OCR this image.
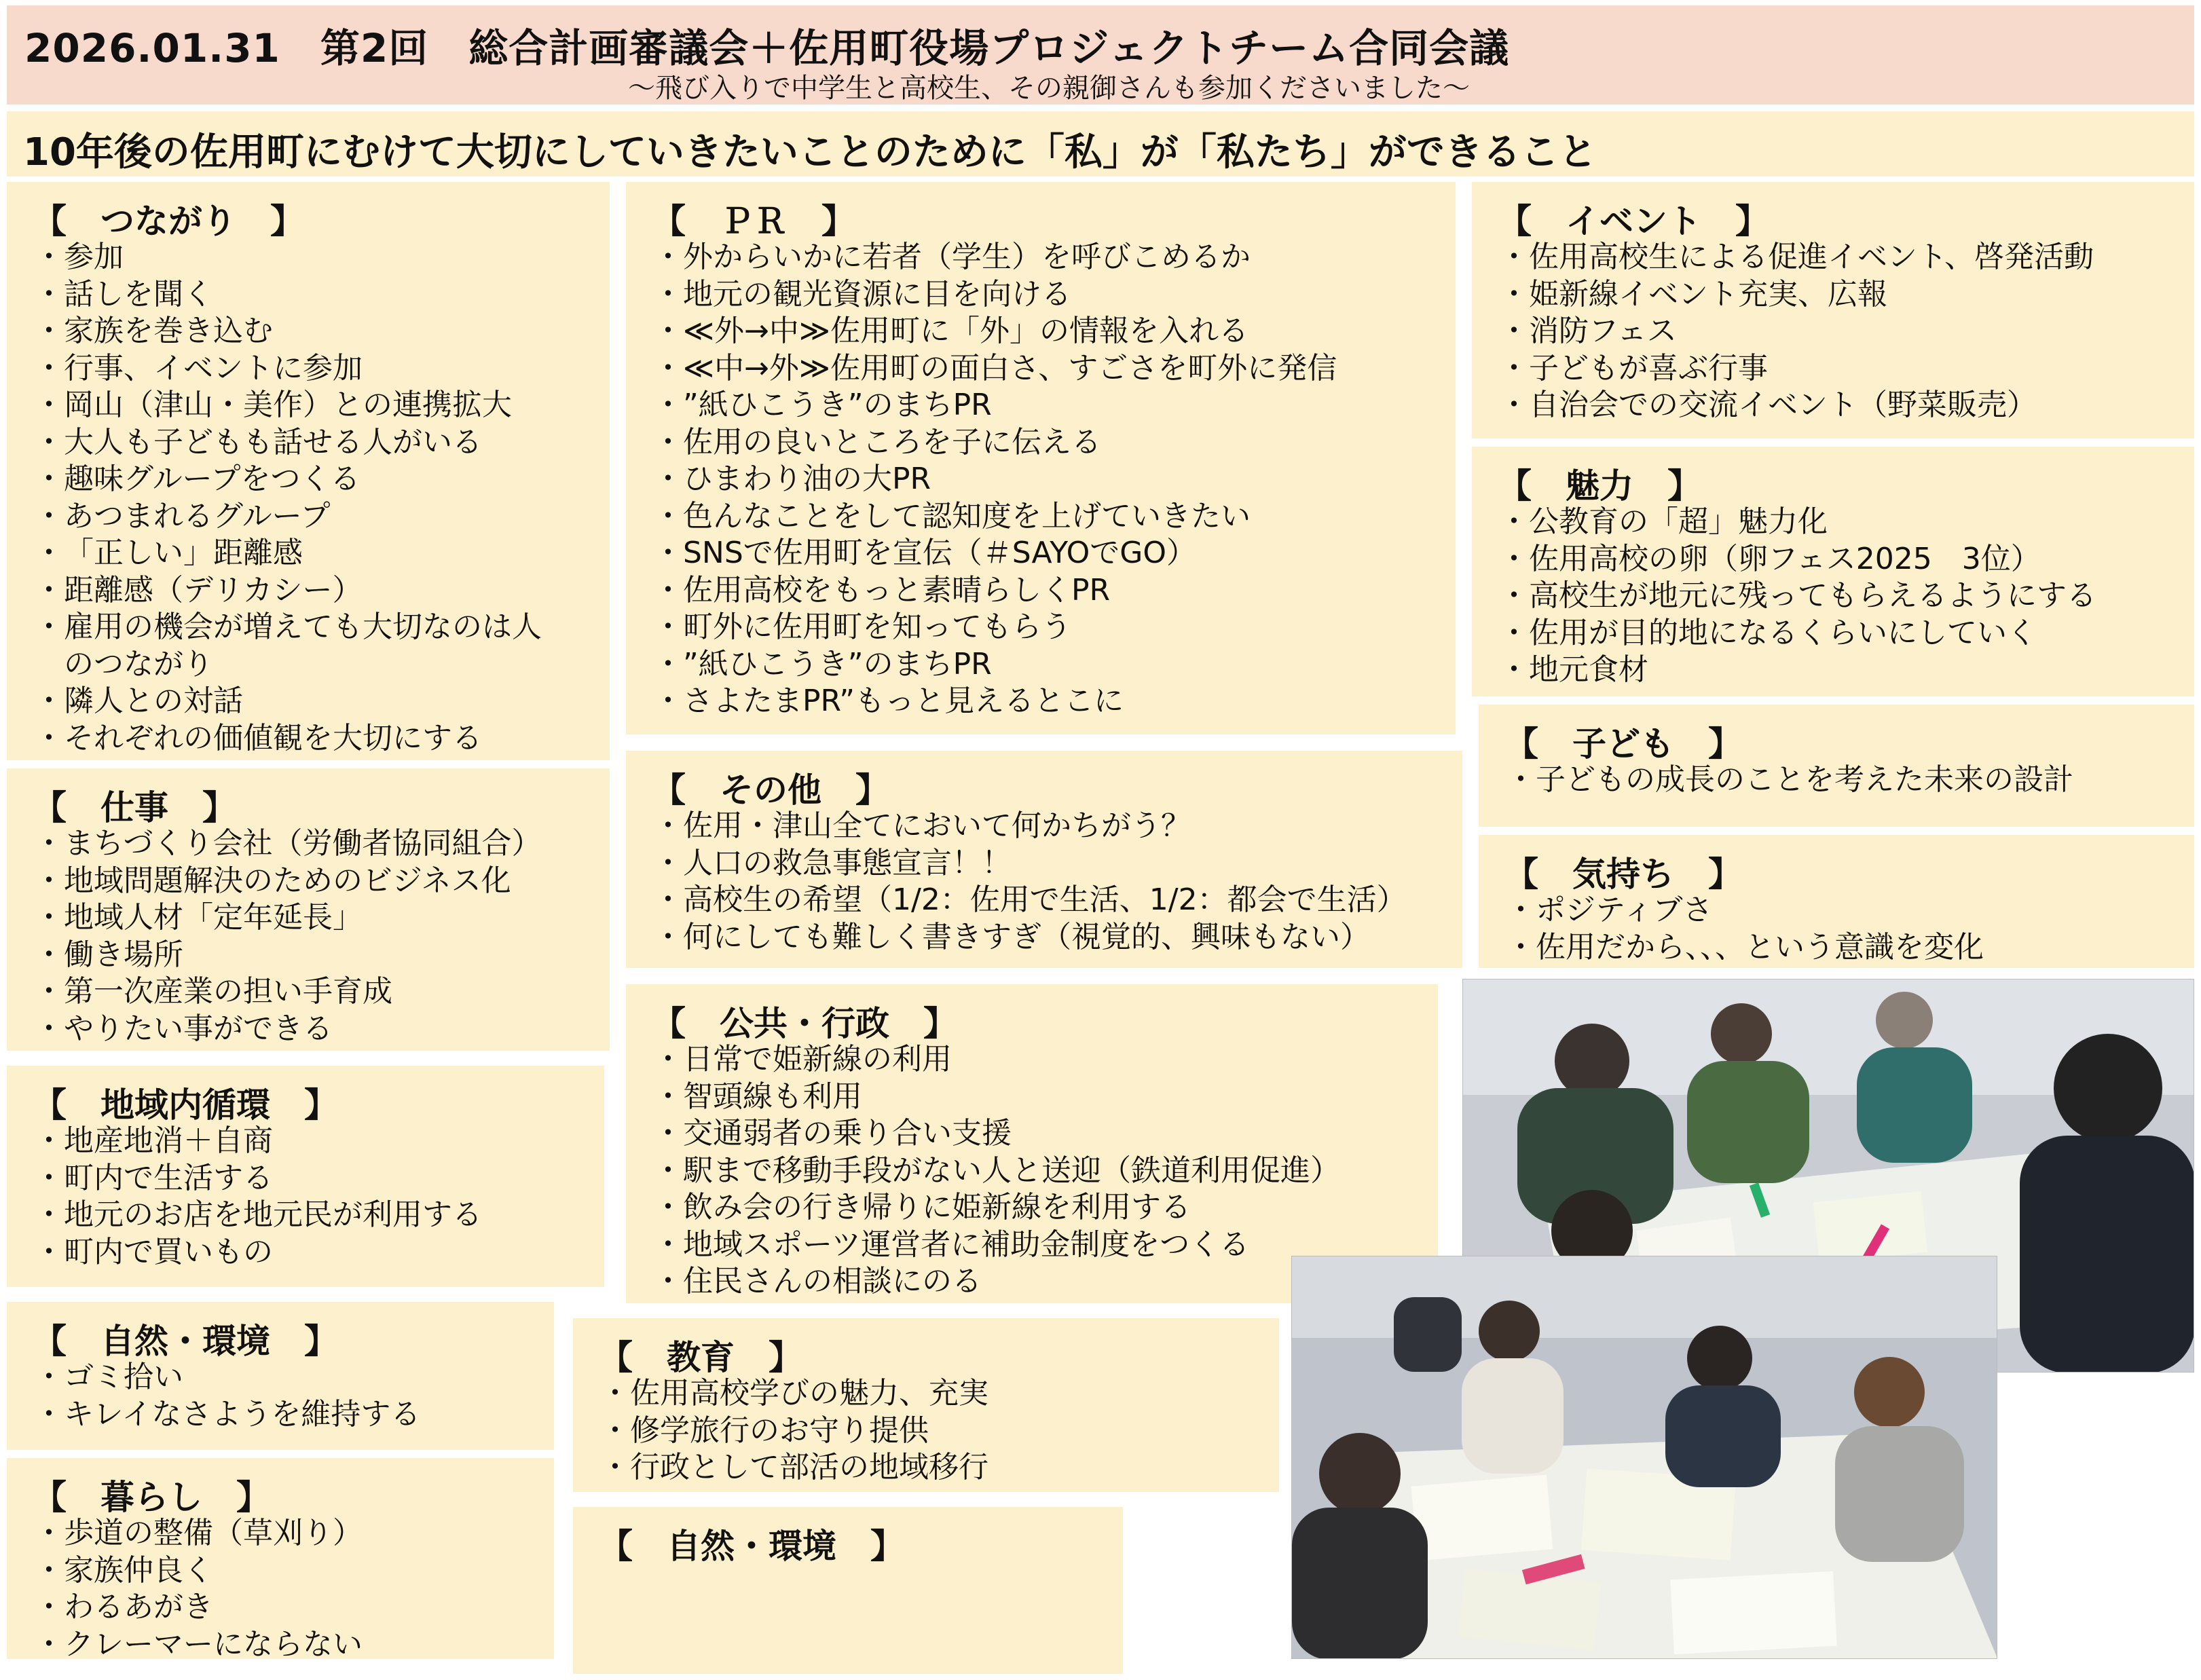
2026.01.31　第2回　総合計画審議会＋佐用町役場プロジェクトチーム合同会議
～飛び入りで中学生と高校生、その親御さんも参加くださいました～
10年後の佐用町にむけて大切にしていきたいことのために「私」が「私たち」ができること
【　つながり　】
・ 参加
・ 話しを聞く
・ 家族を巻き込む
・ 行事、イベントに参加
・ 岡山（津山・美作）との連携拡大
・ 大人も子どもも話せる人がいる
・ 趣味グループをつくる
・ あつまれるグループ
・ 「正しい」距離感
・ 距離感（デリカシー）
・ 雇用の機会が増えても大切なのは人
のつながり
・ 隣人との対話
・ それぞれの価値観を大切にする
【　仕事　】
・ まちづくり会社（労働者協同組合）
・ 地域問題解決のためのビジネス化
・ 地域人材「定年延長」
・ 働き場所
・ 第一次産業の担い手育成
・ やりたい事ができる
【　地域内循環　】
・ 地産地消＋自商
・ 町内で生活する
・ 地元のお店を地元民が利用する
・ 町内で買いもの
【　自然・環境　】
・ ゴミ拾い
・ キレイなさようを維持する
【　暮らし　】
・ 歩道の整備（草刈り）
・ 家族仲良く
・ わるあがき
・ クレーマーにならない
【　ＰＲ　】
・ 外からいかに若者（学生）を呼びこめるか
・ 地元の観光資源に目を向ける
・ ≪外→中≫佐用町に「外」の情報を入れる
・ ≪中→外≫佐用町の面白さ、すごさを町外に発信
・ ”紙ひこうき”のまちPR
・ 佐用の良いところを子に伝える
・ ひまわり油の大PR
・ 色んなことをして認知度を上げていきたい
・ SNSで佐用町を宣伝（＃SAYOでGO）
・ 佐用高校をもっと素晴らしくPR
・ 町外に佐用町を知ってもらう
・ ”紙ひこうき”のまちPR
・ さよたまPR”もっと見えるとこに
【　その他　】
・ 佐用・津山全てにおいて何かちがう？
・ 人口の救急事態宣言！！
・ 高校生の希望（1/2：佐用で生活、1/2：都会で生活）
・ 何にしても難しく書きすぎ（視覚的、興味もない）
【　公共・行政　】
・ 日常で姫新線の利用
・ 智頭線も利用
・ 交通弱者の乗り合い支援
・ 駅まで移動手段がない人と送迎（鉄道利用促進）
・ 飲み会の行き帰りに姫新線を利用する
・ 地域スポーツ運営者に補助金制度をつくる
・ 住民さんの相談にのる
【　教育　】
・ 佐用高校学びの魅力、充実
・ 修学旅行のお守り提供
・ 行政として部活の地域移行
【　自然・環境　】
【　イベント　】
・ 佐用高校生による促進イベント、啓発活動
・ 姫新線イベント充実、広報
・ 消防フェス
・ 子どもが喜ぶ行事
・ 自治会での交流イベント（野菜販売）
【　魅力　】
・ 公教育の「超」魅力化
・ 佐用高校の卵（卵フェス2025　3位）
・ 高校生が地元に残ってもらえるようにする
・ 佐用が目的地になるくらいにしていく
・ 地元食材
【　子ども　】
・ 子どもの成長のことを考えた未来の設計
【　気持ち　】
・ ポジティブさ
・ 佐用だから、、、という意識を変化
